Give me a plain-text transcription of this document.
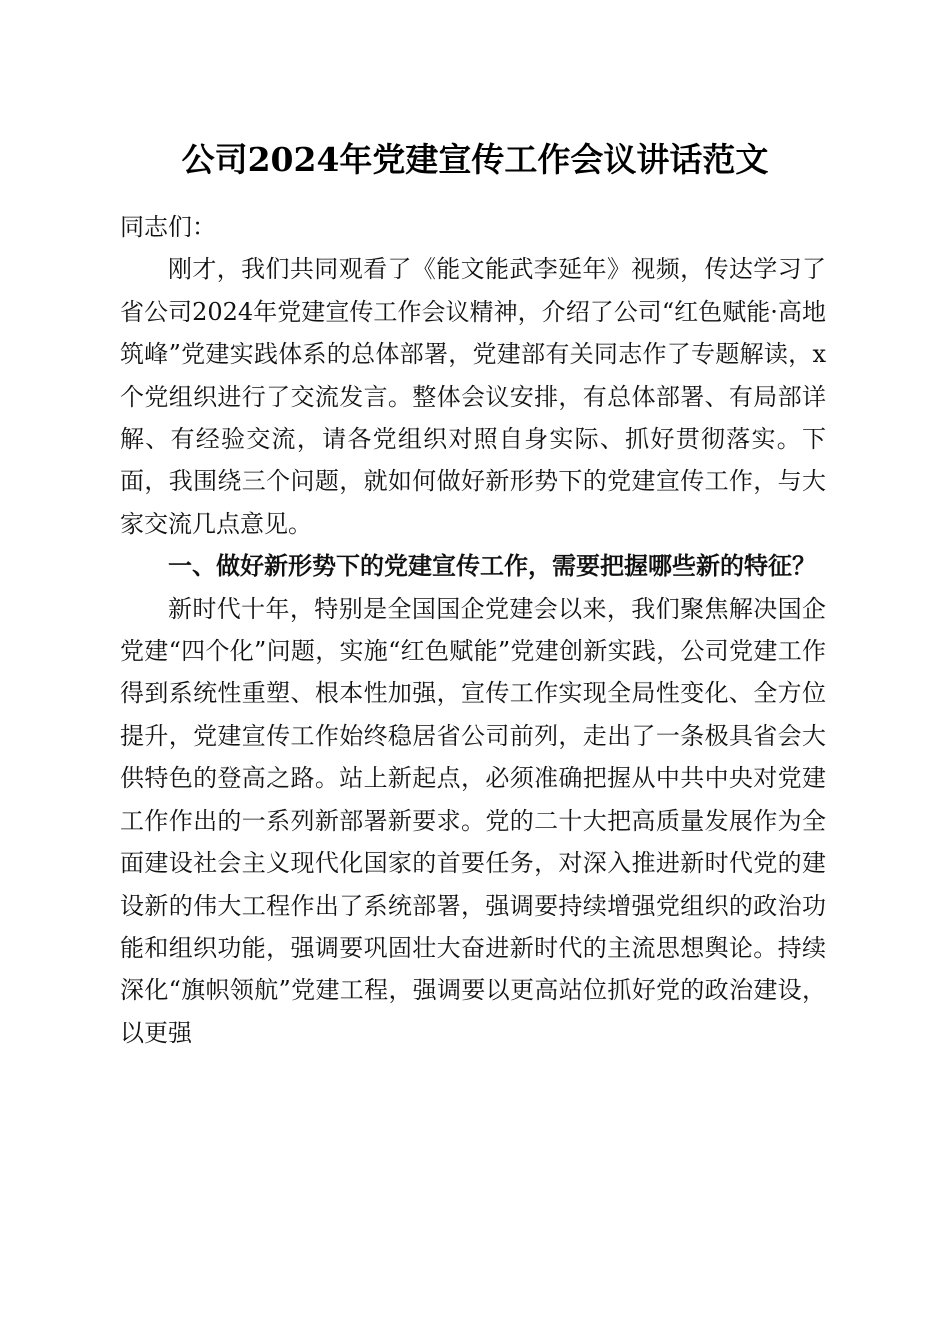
公司2024年党建宣传工作会议讲话范文

同志们：

刚才，我们共同观看了《能文能武李延年》视频，传达学习了省公司2024年党建宣传工作会议精神，介绍了公司“红色赋能·高地筑峰”党建实践体系的总体部署，党建部有关同志作了专题解读，x个党组织进行了交流发言。整体会议安排，有总体部署、有局部详解、有经验交流，请各党组织对照自身实际、抓好贯彻落实。下面，我围绕三个问题，就如何做好新形势下的党建宣传工作，与大家交流几点意见。

一、做好新形势下的党建宣传工作，需要把握哪些新的特征？

新时代十年，特别是全国国企党建会以来，我们聚焦解决国企党建“四个化”问题，实施“红色赋能”党建创新实践，公司党建工作得到系统性重塑、根本性加强，宣传工作实现全局性变化、全方位提升，党建宣传工作始终稳居省公司前列，走出了一条极具省会大供特色的登高之路。站上新起点，必须准确把握从中共中央对党建工作作出的一系列新部署新要求。党的二十大把高质量发展作为全面建设社会主义现代化国家的首要任务，对深入推进新时代党的建设新的伟大工程作出了系统部署，强调要持续增强党组织的政治功能和组织功能，强调要巩固壮大奋进新时代的主流思想舆论。持续深化“旗帜领航”党建工程，强调要以更高站位抓好党的政治建设，以更强
